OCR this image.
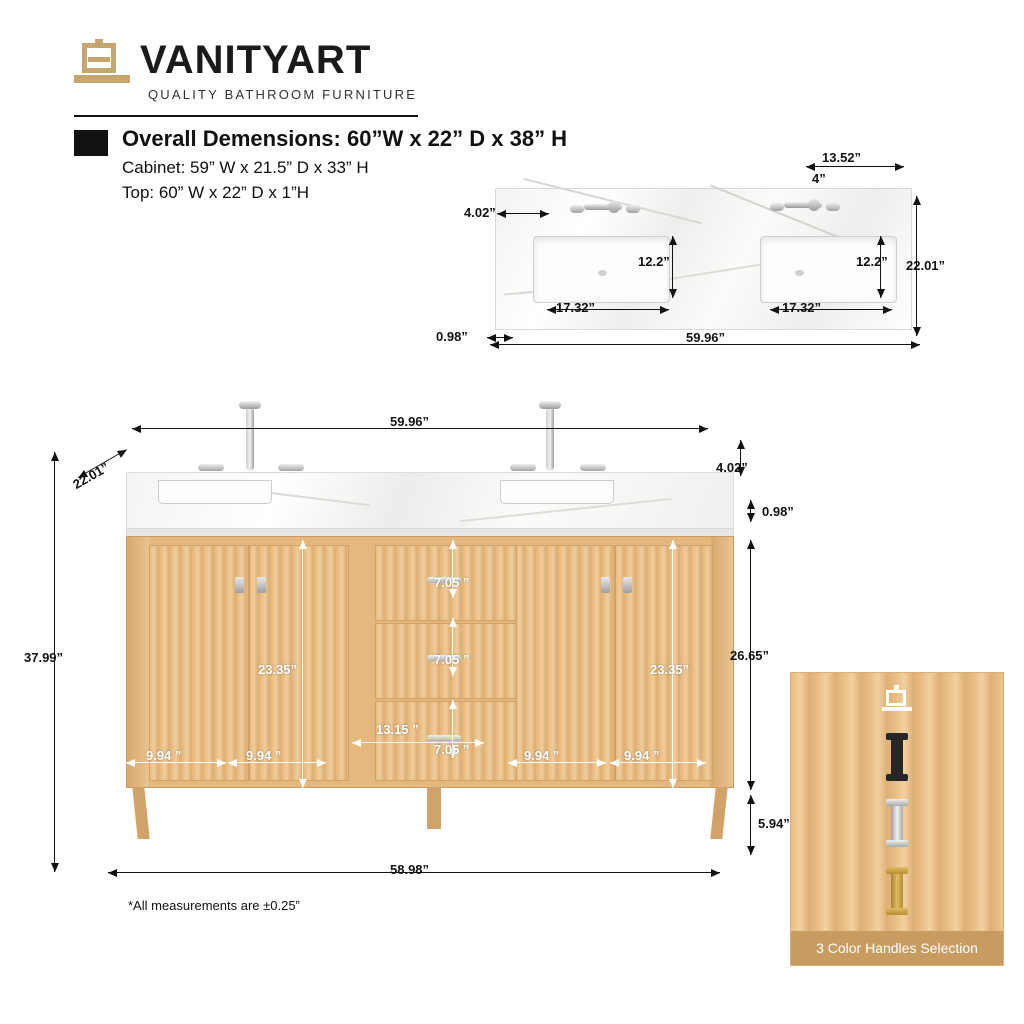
VANITYART
QUALITY BATHROOM FURNITURE
Overall Demensions: 60”W x 22” D x 38” H
Cabinet: 59” W x 21.5” D x 33” H
Top: 60” W x 22” D x 1”H
4.02”
0.98”	59.96”
22.01”
13.52”
4”
17.32”
12.2”
17.32”
12.2”
59.96”
22.01”
37.99”
4.02”
0.98”
26.65”
5.94”
58.98”
23.35”	23.35”
9.94 ”	9.94 ”	9.94 ”	9.94 ”
13.15 ”
7.05 ”
7.05 ”
7.05 ”
*All measurements are ±0.25”
3 Color Handles Selection
